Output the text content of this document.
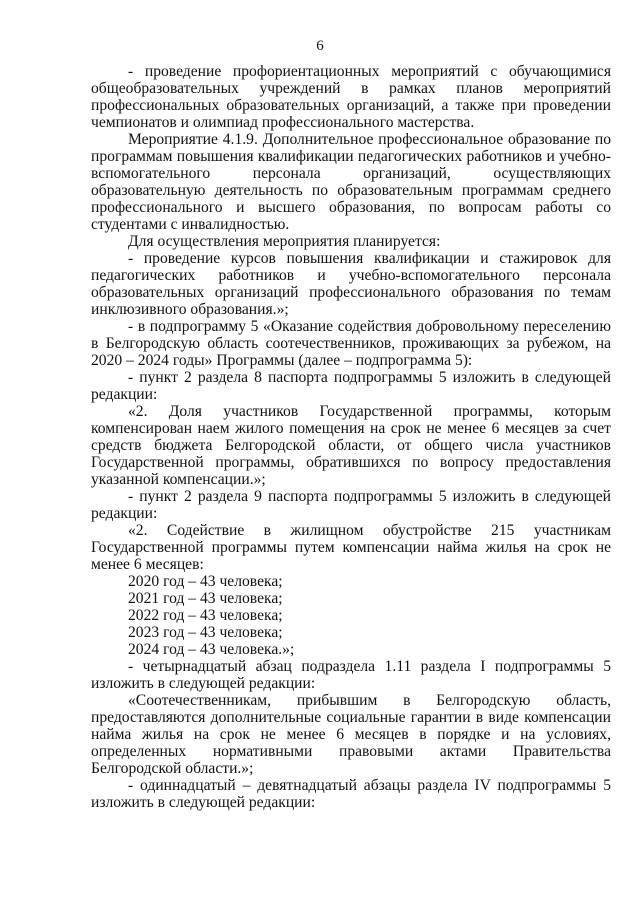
6

- проведение профориентационных мероприятий с обучающимися общеобразовательных учреждений в рамках планов мероприятий профессиональных образовательных организаций, а также при проведении чемпионатов и олимпиад профессионального мастерства.

Мероприятие 4.1.9. Дополнительное профессиональное образование по программам повышения квалификации педагогических работников и учебно-вспомогательного персонала организаций, осуществляющих образовательную деятельность по образовательным программам среднего профессионального и высшего образования, по вопросам работы со студентами с инвалидностью.

Для осуществления мероприятия планируется:

- проведение курсов повышения квалификации и стажировок для педагогических работников и учебно-вспомогательного персонала образовательных организаций профессионального образования по темам инклюзивного образования.»;

- в подпрограмму 5 «Оказание содействия добровольному переселению в Белгородскую область соотечественников, проживающих за рубежом, на 2020 – 2024 годы» Программы (далее – подпрограмма 5):

- пункт 2 раздела 8 паспорта подпрограммы 5 изложить в следующей редакции:

«2. Доля участников Государственной программы, которым компенсирован наем жилого помещения на срок не менее 6 месяцев за счет средств бюджета Белгородской области, от общего числа участников Государственной программы, обратившихся по вопросу предоставления указанной компенсации.»;

- пункт 2 раздела 9 паспорта подпрограммы 5 изложить в следующей редакции:

«2. Содействие в жилищном обустройстве 215 участникам Государственной программы путем компенсации найма жилья на срок не менее 6 месяцев:

2020 год – 43 человека;

2021 год – 43 человека;

2022 год – 43 человека;

2023 год – 43 человека;

2024 год – 43 человека.»;

- четырнадцатый абзац подраздела 1.11 раздела I подпрограммы 5 изложить в следующей редакции:

«Соотечественникам, прибывшим в Белгородскую область, предоставляются дополнительные социальные гарантии в виде компенсации найма жилья на срок не менее 6 месяцев в порядке и на условиях, определенных нормативными правовыми актами Правительства Белгородской области.»;

- одиннадцатый – девятнадцатый абзацы раздела IV подпрограммы 5 изложить в следующей редакции:
